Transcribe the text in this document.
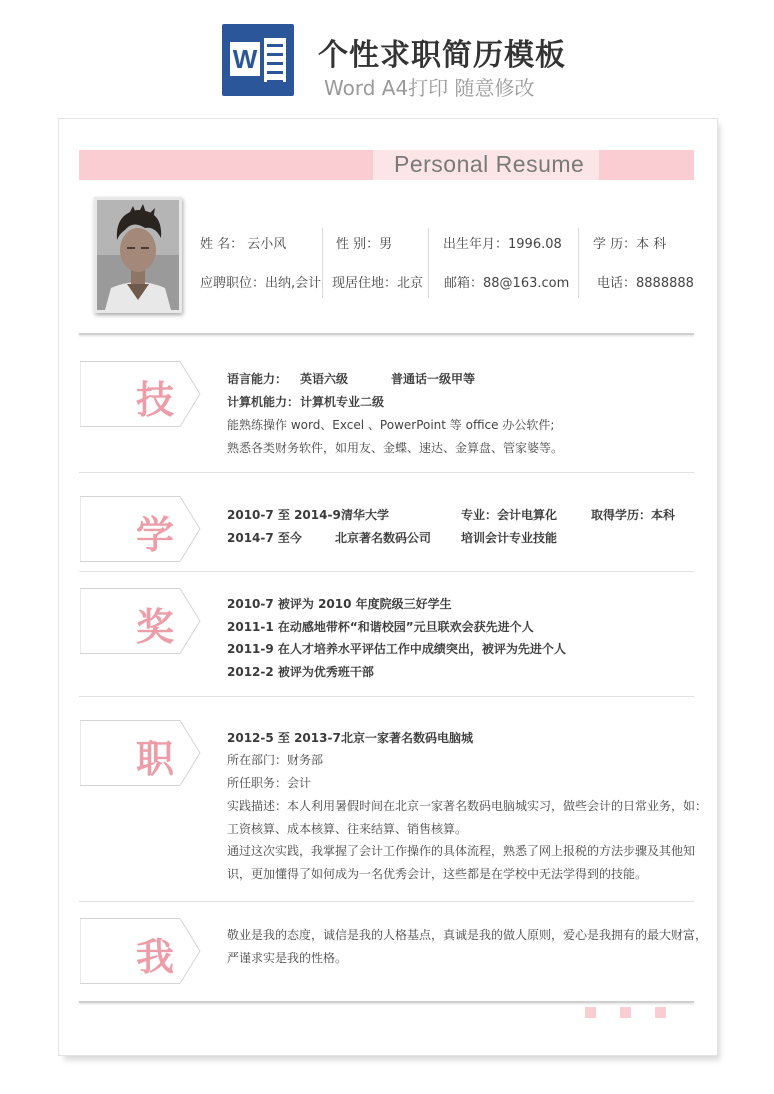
W 个性求职简历模板
Word A4打印 随意修改
Personal Resume
姓 名： 云小风	性 别：男	出生年月：1996.08 学 历：本 科
应聘职位：出纳,会计 现居住地：北京 邮箱：88@163.com 电话：8888888
技	语言能力： 英语六级	普通话一级甲等
计算机能力： 计算机专业二级
能熟练操作 word、Excel 、PowerPoint 等 office 办公软件;
熟悉各类财务软件，如用友、金蝶、速达、金算盘、管家婆等。
学	2010-7 至 2014-9 清华大学	专业：会计电算化	取得学历：本科
2014-7 至今	北京著名数码公司 培训会计专业技能
奖
2010-7 被评为 2010 年度院级三好学生
2011-1 在动感地带杯“和谐校园”元旦联欢会获先进个人
2011-9 在人才培养水平评估工作中成绩突出，被评为先进个人
2012-2 被评为优秀班干部
职	2012-5 至 2013-7 北京一家著名数码电脑城
所在部门：财务部
所任职务：会计
实践描述：本人利用暑假时间在北京一家著名数码电脑城实习，做些会计的日常业务，如：
工资核算、成本核算、往来结算、销售核算。
通过这次实践，我掌握了会计工作操作的具体流程，熟悉了网上报税的方法步骤及其他知
识，更加懂得了如何成为一名优秀会计，这些都是在学校中无法学得到的技能。
我	敬业是我的态度，诚信是我的人格基点，真诚是我的做人原则，爱心是我拥有的最大财富，
严谨求实是我的性格。
